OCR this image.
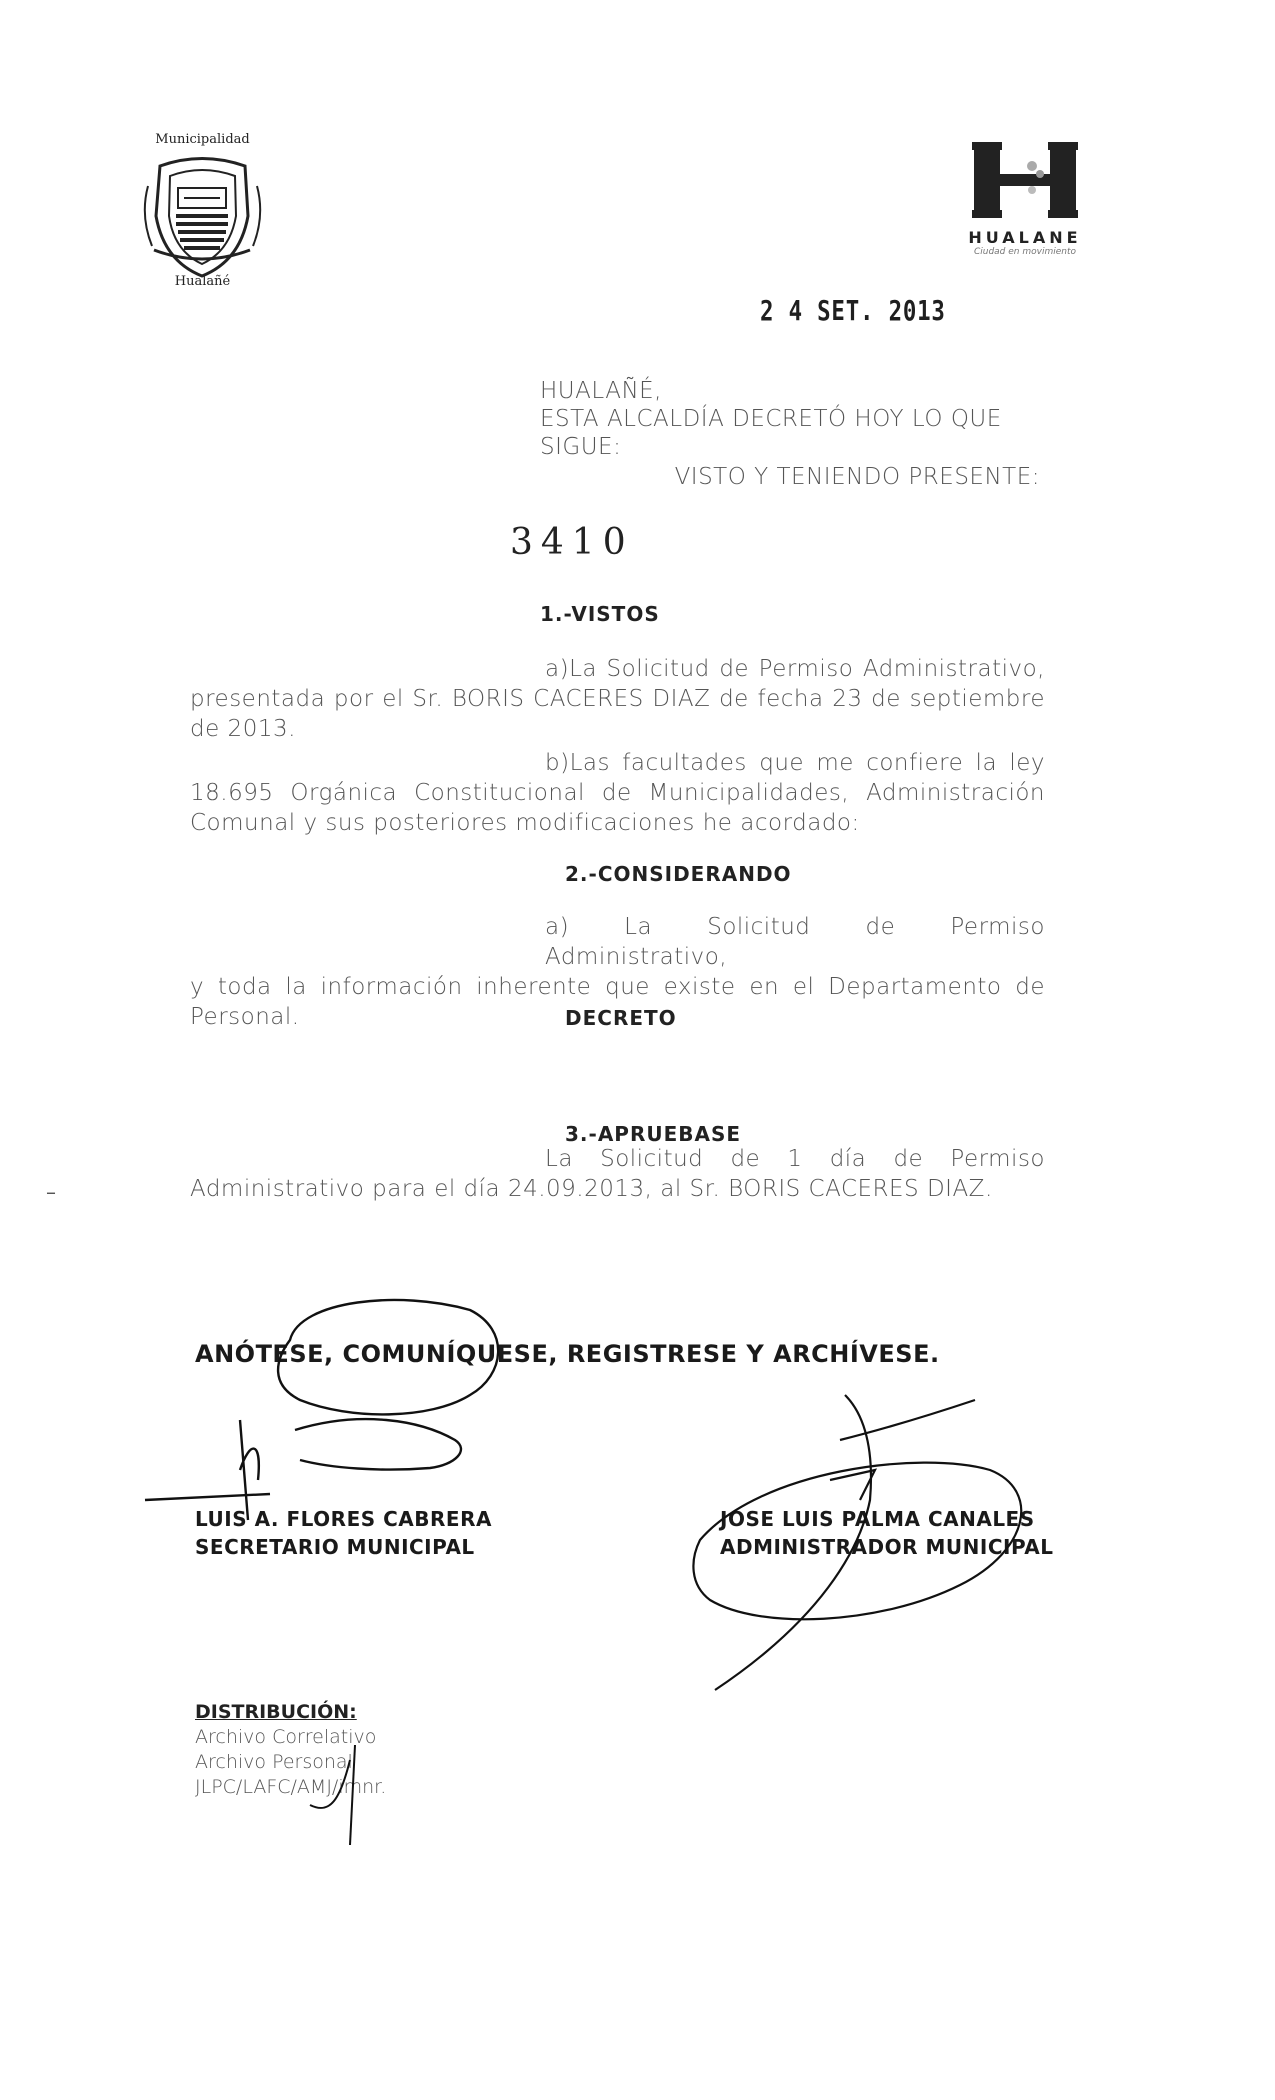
Municipalidad
Hualañé
HUALANE
Ciudad en movimiento
2 4 SET. 2013
HUALAÑÉ,
ESTA ALCALDÍA DECRETÓ HOY LO QUE
SIGUE:
VISTO Y TENIENDO PRESENTE:
3410
1.-VISTOS
a)La Solicitud de Permiso Administrativo,
presentada por el Sr. BORIS CACERES DIAZ de fecha 23 de septiembre de 2013.
b)Las facultades que me confiere la ley
18.695 Orgánica Constitucional de Municipalidades, Administración Comunal y sus posteriores modificaciones he acordado:
2.-CONSIDERANDO
a) La Solicitud de Permiso Administrativo,
y toda la información inherente que existe en el Departamento de Personal.	DECRETO
3.-APRUEBASE
La Solicitud de 1 día de Permiso
Administrativo para el día 24.09.2013, al Sr. BORIS CACERES DIAZ.
–
ANÓTESE, COMUNÍQUESE, REGISTRESE Y ARCHÍVESE.
LUIS A. FLORES CABRERA
SECRETARIO MUNICIPAL
JOSE LUIS PALMA CANALES
ADMINISTRADOR MUNICIPAL
DISTRIBUCIÓN:
Archivo Correlativo
Archivo Personal
JLPC/LAFC/AMJ/imnr.
